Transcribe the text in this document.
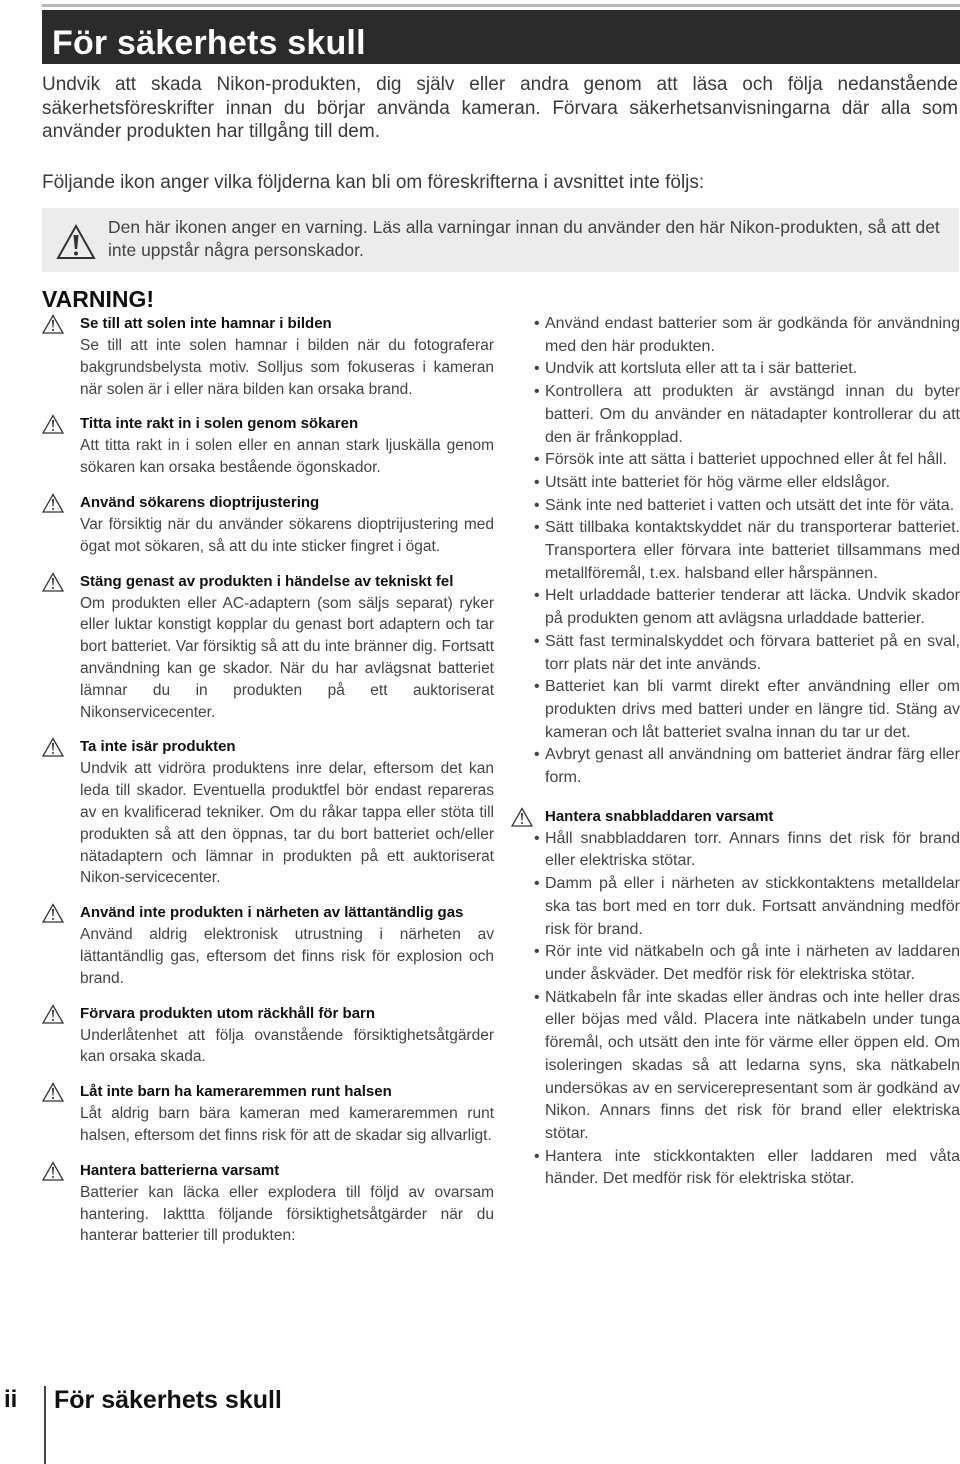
För säkerhets skull

Undvik att skada Nikon-produkten, dig själv eller andra genom att läsa och följa nedanstående säkerhetsföreskrifter innan du börjar använda kameran. Förvara säkerhetsanvisningarna där alla som använder produkten har tillgång till dem.

Följande ikon anger vilka följderna kan bli om föreskrifterna i avsnittet inte följs:

Den här ikonen anger en varning. Läs alla varningar innan du använder den här Nikon-produkten, så att det inte uppstår några personskador.

VARNING!

Se till att solen inte hamnar i bilden

Se till att inte solen hamnar i bilden när du fotograferar bakgrundsbelysta motiv. Solljus som fokuseras i kameran när solen är i eller nära bilden kan orsaka brand.

Titta inte rakt in i solen genom sökaren

Att titta rakt in i solen eller en annan stark ljuskälla genom sökaren kan orsaka bestående ögonskador.

Använd sökarens dioptrijustering

Var försiktig när du använder sökarens dioptrijustering med ögat mot sökaren, så att du inte sticker fingret i ögat.

Stäng genast av produkten i händelse av tekniskt fel

Om produkten eller AC-adaptern (som säljs separat) ryker eller luktar konstigt kopplar du genast bort adaptern och tar bort batteriet. Var försiktig så att du inte bränner dig. Fortsatt användning kan ge skador. När du har avlägsnat batteriet lämnar du in produkten på ett auktoriserat Nikonservicecenter.

Ta inte isär produkten

Undvik att vidröra produktens inre delar, eftersom det kan leda till skador. Eventuella produktfel bör endast repareras av en kvalificerad tekniker. Om du råkar tappa eller stöta till produkten så att den öppnas, tar du bort batteriet och/eller nätadaptern och lämnar in produkten på ett auktoriserat Nikon-servicecenter.

Använd inte produkten i närheten av lättantändlig gas

Använd aldrig elektronisk utrustning i närheten av lättantändlig gas, eftersom det finns risk för explosion och brand.

Förvara produkten utom räckhåll för barn

Underlåtenhet att följa ovanstående försiktighetsåtgärder kan orsaka skada.

Låt inte barn ha kameraremmen runt halsen

Låt aldrig barn bära kameran med kameraremmen runt halsen, eftersom det finns risk för att de skadar sig allvarligt.

Hantera batterierna varsamt

Batterier kan läcka eller explodera till följd av ovarsam hantering. Iakttta följande försiktighetsåtgärder när du hanterar batterier till produkten:

• Använd endast batterier som är godkända för användning med den här produkten.
• Undvik att kortsluta eller att ta i sär batteriet.
• Kontrollera att produkten är avstängd innan du byter batteri. Om du använder en nätadapter kontrollerar du att den är frånkopplad.
• Försök inte att sätta i batteriet uppochned eller åt fel håll.
• Utsätt inte batteriet för hög värme eller eldslågor.
• Sänk inte ned batteriet i vatten och utsätt det inte för väta.
• Sätt tillbaka kontaktskyddet när du transporterar batteriet. Transportera eller förvara inte batteriet tillsammans med metallföremål, t.ex. halsband eller hårspännen.
• Helt urladdade batterier tenderar att läcka. Undvik skador på produkten genom att avlägsna urladdade batterier.
• Sätt fast terminalskyddet och förvara batteriet på en sval, torr plats när det inte används.
• Batteriet kan bli varmt direkt efter användning eller om produkten drivs med batteri under en längre tid. Stäng av kameran och låt batteriet svalna innan du tar ur det.
• Avbryt genast all användning om batteriet ändrar färg eller form.
Hantera snabbladdaren varsamt
• Håll snabbladdaren torr. Annars finns det risk för brand eller elektriska stötar.
• Damm på eller i närheten av stickkontaktens metalldelar ska tas bort med en torr duk. Fortsatt användning medför risk för brand.
• Rör inte vid nätkabeln och gå inte i närheten av laddaren under åskväder. Det medför risk för elektriska stötar.
• Nätkabeln får inte skadas eller ändras och inte heller dras eller böjas med våld. Placera inte nätkabeln under tunga föremål, och utsätt den inte för värme eller öppen eld. Om isoleringen skadas så att ledarna syns, ska nätkabeln undersökas av en servicerepresentant som är godkänd av Nikon. Annars finns det risk för brand eller elektriska stötar.
• Hantera inte stickkontakten eller laddaren med våta händer. Det medför risk för elektriska stötar.
ii För säkerhets skull
